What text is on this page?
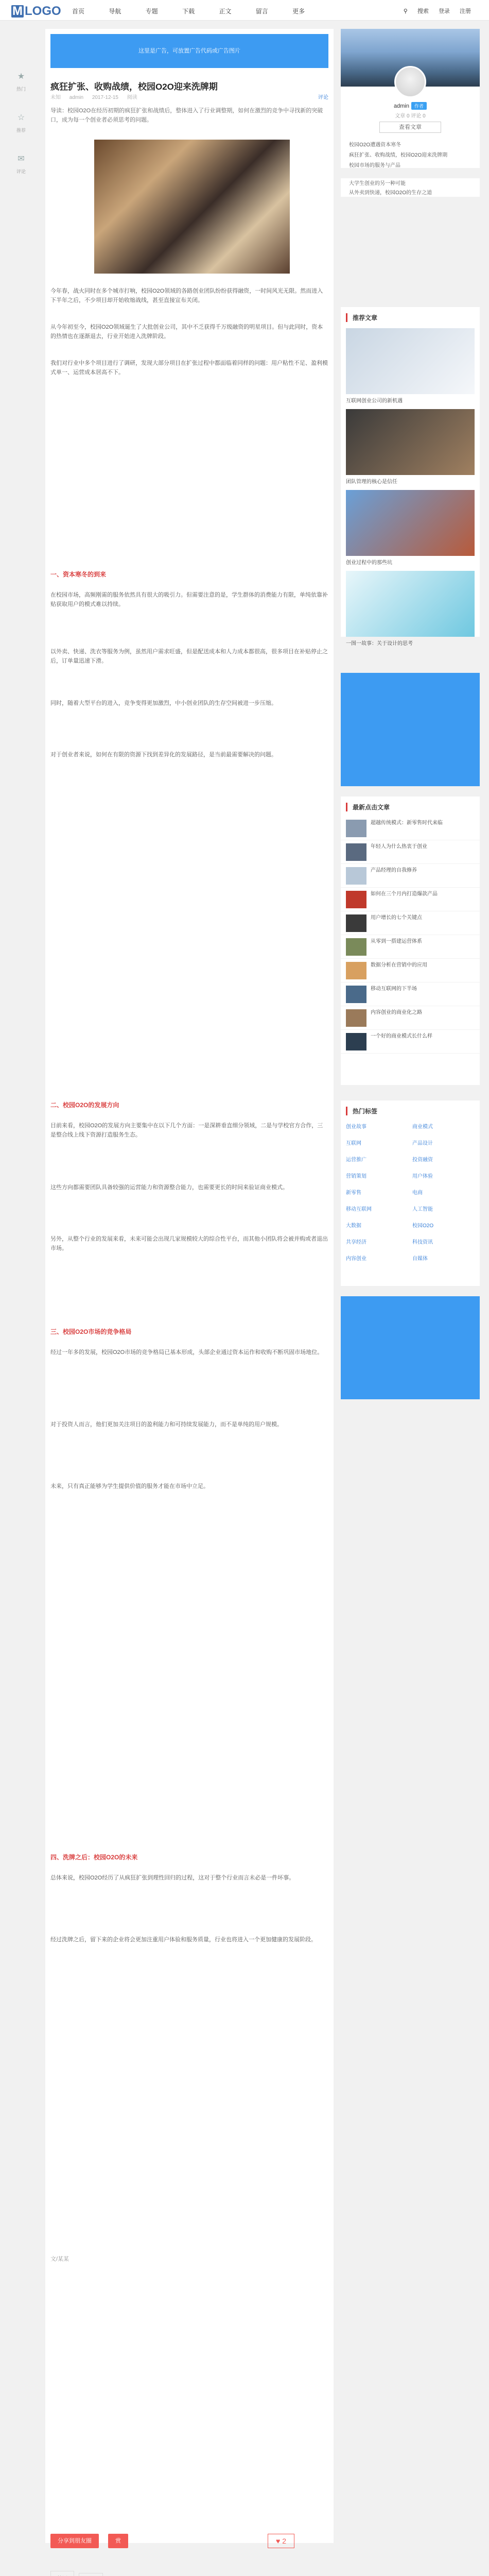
M LOGO 首页	导航	专题	下载	正文	留言	更多	⚲ 搜索 登录 注册
★
热门
☆
推荐
✉
评论
这里是广告，可放置广告代码或广告图片
疯狂扩张、收购战绩，校园O2O迎来洗牌期
未知 admin 2017-12-15 阅读	评论
导读：校园O2O在经历初期的疯狂扩张和战绩后，整体进入了行业调整期，如何在激烈的竞争中寻找新的突破口，成为每一个创业者必须思考的问题。
今年春，战火同时在多个城市打响，校园O2O领域的各路创业团队纷纷获得融资，一时间风光无限。然而进入下半年之后，不少项目却开始收缩战线，甚至直接宣布关闭。
从今年初至今，校园O2O领域诞生了大批创业公司，其中不乏获得千万级融资的明星项目。但与此同时，资本的热情也在逐渐退去，行业开始进入洗牌阶段。
我们对行业中多个项目进行了调研，发现大部分项目在扩张过程中都面临着同样的问题：用户粘性不足、盈利模式单一、运营成本居高不下。
一、资本寒冬的到来
在校园市场，高频刚需的服务依然具有很大的吸引力。但需要注意的是，学生群体的消费能力有限，单纯依靠补贴获取用户的模式难以持续。
以外卖、快递、洗衣等服务为例，虽然用户需求旺盛，但是配送成本和人力成本都很高，很多项目在补贴停止之后，订单量迅速下滑。
同时，随着大型平台的进入，竞争变得更加激烈，中小创业团队的生存空间被进一步压缩。
对于创业者来说，如何在有限的资源下找到差异化的发展路径，是当前最需要解决的问题。
二、校园O2O的发展方向
目前来看，校园O2O的发展方向主要集中在以下几个方面：一是深耕垂直细分领域，二是与学校官方合作，三是整合线上线下资源打造服务生态。
这些方向都需要团队具备较强的运营能力和资源整合能力，也需要更长的时间来验证商业模式。
另外，从整个行业的发展来看，未来可能会出现几家规模较大的综合性平台，而其他小团队将会被并购或者退出市场。
三、校园O2O市场的竞争格局
经过一年多的发展，校园O2O市场的竞争格局已基本形成，头部企业通过资本运作和收购不断巩固市场地位。
对于投资人而言，他们更加关注项目的盈利能力和可持续发展能力，而不是单纯的用户规模。
未来，只有真正能够为学生提供价值的服务才能在市场中立足。
四、洗牌之后：校园O2O的未来
总体来说，校园O2O经历了从疯狂扩张到理性回归的过程，这对于整个行业而言未必是一件坏事。
经过洗牌之后，留下来的企业将会更加注重用户体验和服务质量，行业也将进入一个更加健康的发展阶段。
文/某某
分享到朋友圈	赏	♥ 2

admin 作者
文章 0 评论 0
查看文章
校园O2O遭遇资本寒冬
疯狂扩张、收购战绩，校园O2O迎来洗牌期
校园市场的服务与产品
大学生创业的另一种可能
从外卖到快递，校园O2O的生存之道
推荐文章
互联网创业公司的新机遇
团队管理的核心是信任
创业过程中的那些坑
一图一故事：关于设计的思考
最新点击文章
超越传统模式：新零售时代来临
年轻人为什么热衷于创业
产品经理的自我修养
如何在三个月内打造爆款产品
用户增长的七个关键点
从零到一搭建运营体系
数据分析在营销中的应用
移动互联网的下半场
内容创业的商业化之路
一个好的商业模式长什么样
热门标签
创业故事	商业模式
互联网	产品设计
运营推广	投资融资
营销策划	用户体验
新零售	电商
移动互联网	人工智能
大数据	校园O2O
共享经济	科技资讯
内容创业	自媒体
